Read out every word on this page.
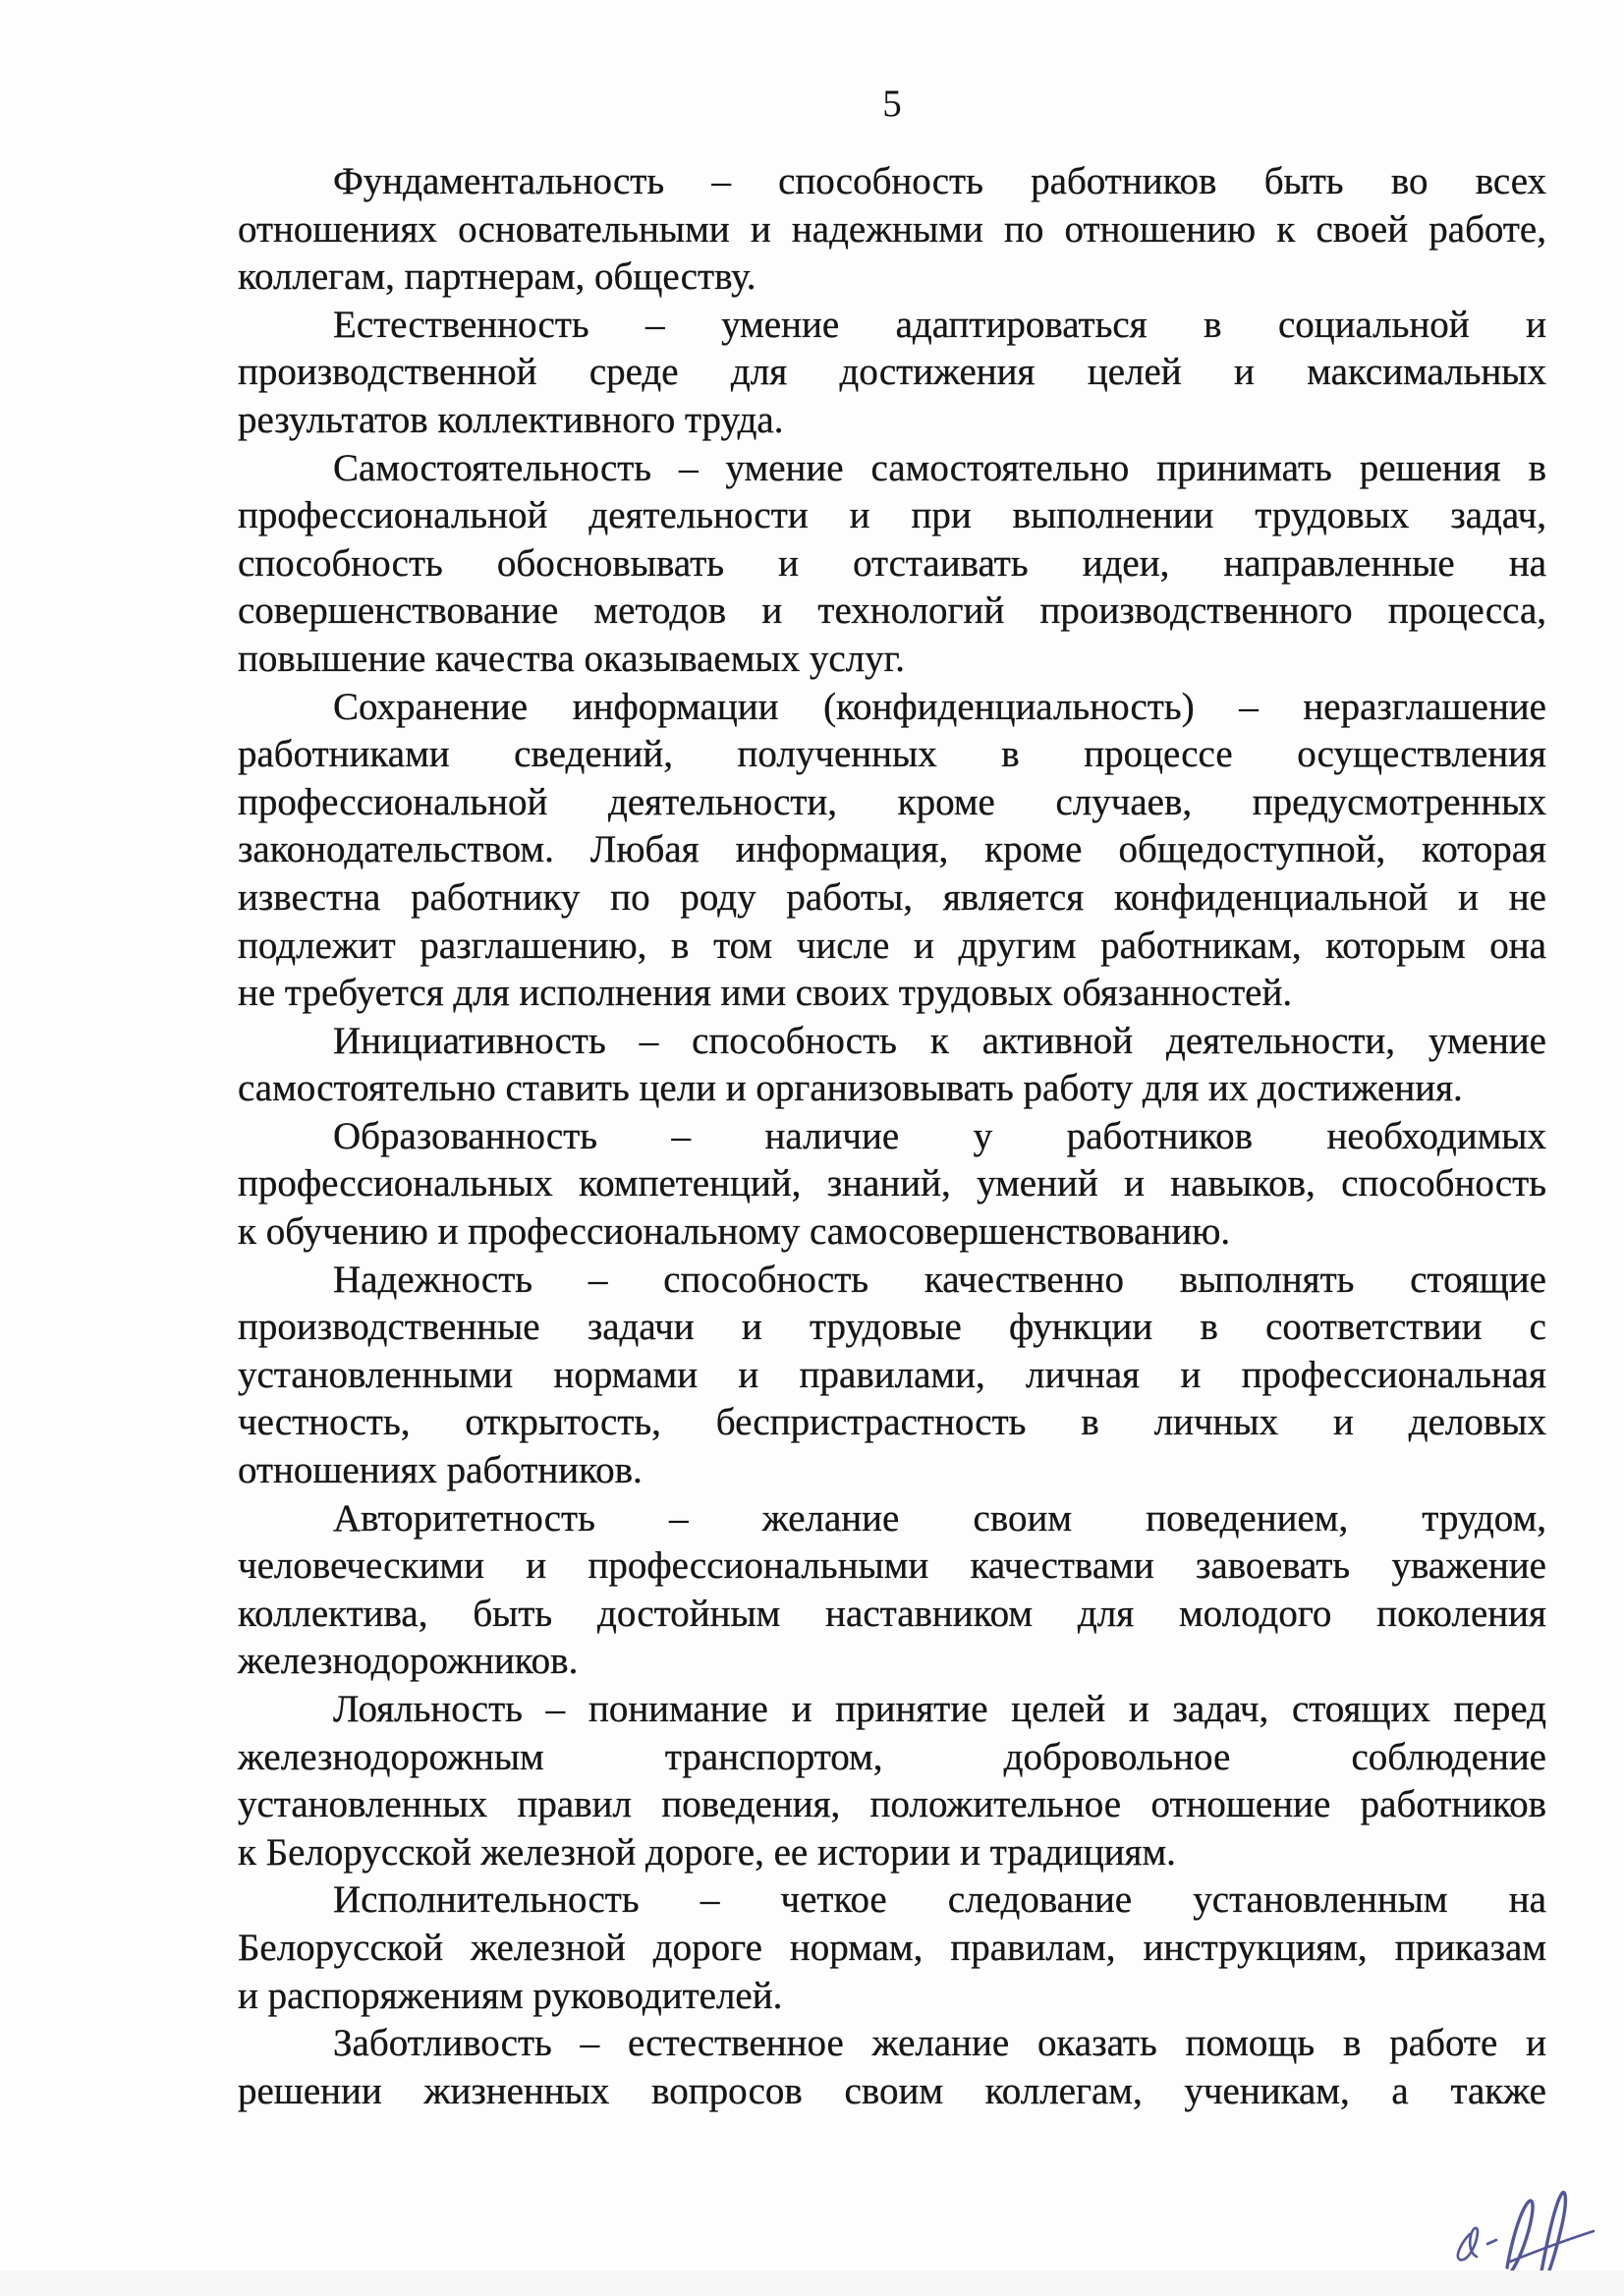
5
Фундаментальность – способность работников быть во всех
отношениях основательными и надежными по отношению к своей работе,
коллегам, партнерам, обществу.
Естественность – умение адаптироваться в социальной и
производственной среде для достижения целей и максимальных
результатов коллективного труда.
Самостоятельность – умение самостоятельно принимать решения в
профессиональной деятельности и при выполнении трудовых задач,
способность обосновывать и отстаивать идеи, направленные на
совершенствование методов и технологий производственного процесса,
повышение качества оказываемых услуг.
Сохранение информации (конфиденциальность) – неразглашение
работниками сведений, полученных в процессе осуществления
профессиональной деятельности, кроме случаев, предусмотренных
законодательством. Любая информация, кроме общедоступной, которая
известна работнику по роду работы, является конфиденциальной и не
подлежит разглашению, в том числе и другим работникам, которым она
не требуется для исполнения ими своих трудовых обязанностей.
Инициативность – способность к активной деятельности, умение
самостоятельно ставить цели и организовывать работу для их достижения.
Образованность – наличие у работников необходимых
профессиональных компетенций, знаний, умений и навыков, способность
к обучению и профессиональному самосовершенствованию.
Надежность – способность качественно выполнять стоящие
производственные задачи и трудовые функции в соответствии с
установленными нормами и правилами, личная и профессиональная
честность, открытость, беспристрастность в личных и деловых
отношениях работников.
Авторитетность – желание своим поведением, трудом,
человеческими и профессиональными качествами завоевать уважение
коллектива, быть достойным наставником для молодого поколения
железнодорожников.
Лояльность – понимание и принятие целей и задач, стоящих перед
железнодорожным транспортом, добровольное соблюдение
установленных правил поведения, положительное отношение работников
к Белорусской железной дороге, ее истории и традициям.
Исполнительность – четкое следование установленным на
Белорусской железной дороге нормам, правилам, инструкциям, приказам
и распоряжениям руководителей.
Заботливость – естественное желание оказать помощь в работе и
решении жизненных вопросов своим коллегам, ученикам, а также
